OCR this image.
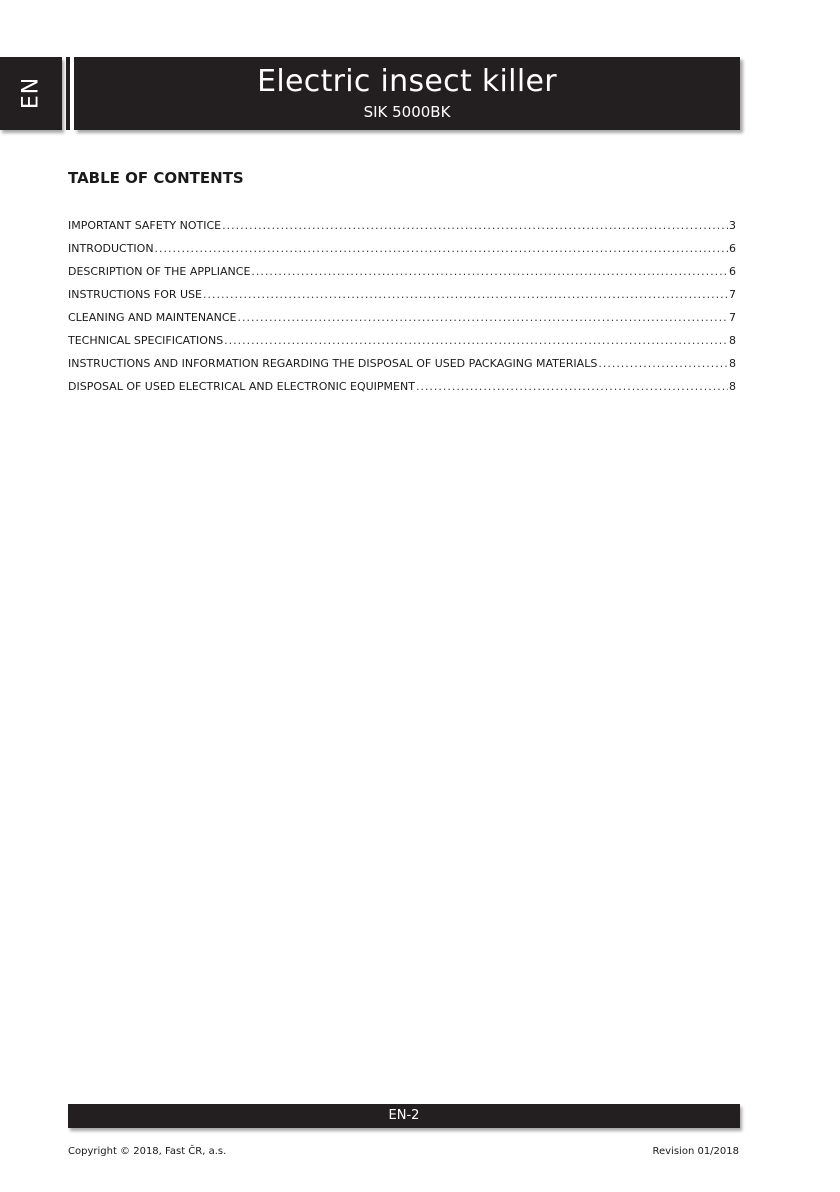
EN	Electric insect killer
SIK 5000BK
TABLE OF CONTENTS
IMPORTANT SAFETY NOTICE .....	3
INTRODUCTION .....	6
DESCRIPTION OF THE APPLIANCE .....	6
INSTRUCTIONS FOR USE .....	7
CLEANING AND MAINTENANCE .....	7
TECHNICAL SPECIFICATIONS .....	8
INSTRUCTIONS AND INFORMATION REGARDING THE DISPOSAL OF USED PACKAGING MATERIALS .....	8
DISPOSAL OF USED ELECTRICAL AND ELECTRONIC EQUIPMENT .....	8
EN-2
Copyright © 2018, Fast ČR, a.s.	Revision 01/2018
